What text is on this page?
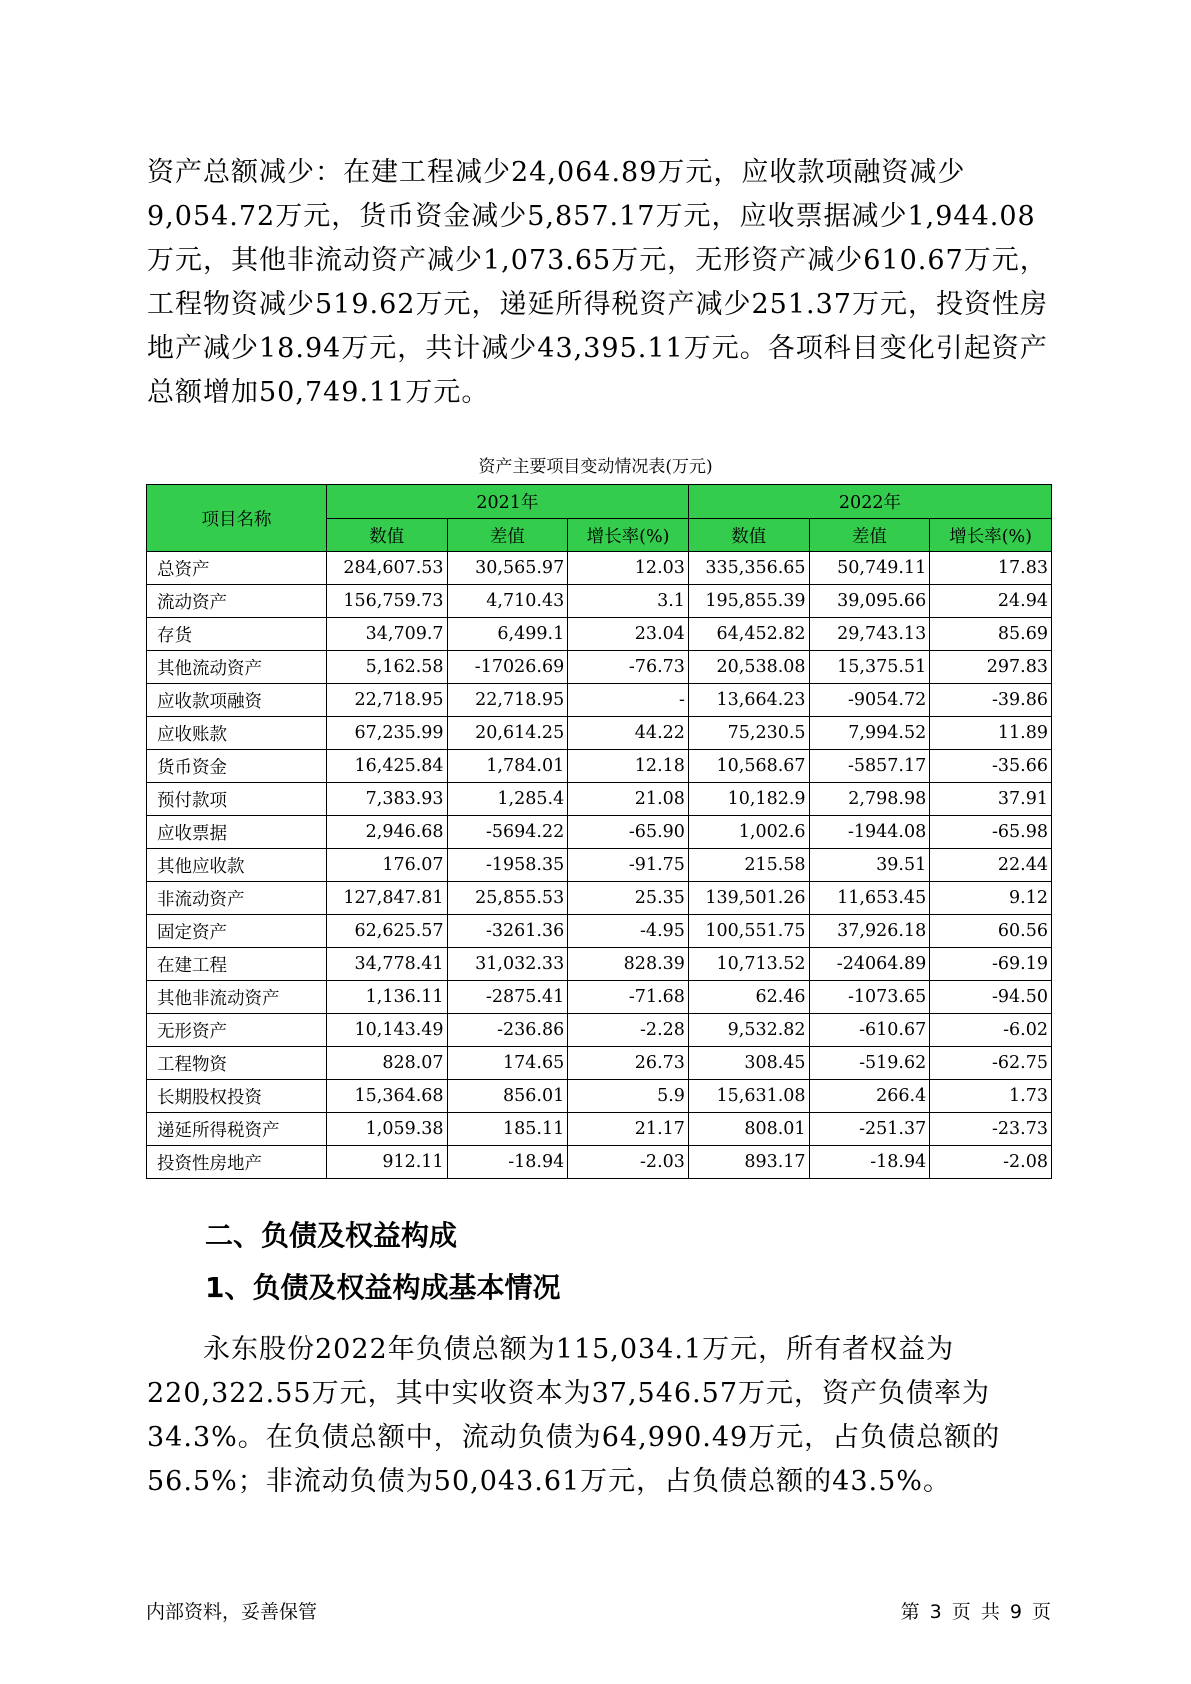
资产总额减少：在建工程减少24,064.89万元，应收款项融资减少9,054.72万元，货币资金减少5,857.17万元，应收票据减少1,944.08万元，其他非流动资产减少1,073.65万元，无形资产减少610.67万元，工程物资减少519.62万元，递延所得税资产减少251.37万元，投资性房地产减少18.94万元，共计减少43,395.11万元。各项科目变化引起资产总额增加50,749.11万元。

资产主要项目变动情况表(万元)
项目名称	2021年			2022年		
	数值	差值	增长率(%)	数值	差值	增长率(%)
总资产	284,607.53	30,565.97	12.03	335,356.65	50,749.11	17.83
流动资产	156,759.73	4,710.43	3.1	195,855.39	39,095.66	24.94
存货	34,709.7	6,499.1	23.04	64,452.82	29,743.13	85.69
其他流动资产	5,162.58	-17026.69	-76.73	20,538.08	15,375.51	297.83
应收款项融资	22,718.95	22,718.95	-	13,664.23	-9054.72	-39.86
应收账款	67,235.99	20,614.25	44.22	75,230.5	7,994.52	11.89
货币资金	16,425.84	1,784.01	12.18	10,568.67	-5857.17	-35.66
预付款项	7,383.93	1,285.4	21.08	10,182.9	2,798.98	37.91
应收票据	2,946.68	-5694.22	-65.90	1,002.6	-1944.08	-65.98
其他应收款	176.07	-1958.35	-91.75	215.58	39.51	22.44
非流动资产	127,847.81	25,855.53	25.35	139,501.26	11,653.45	9.12
固定资产	62,625.57	-3261.36	-4.95	100,551.75	37,926.18	60.56
在建工程	34,778.41	31,032.33	828.39	10,713.52	-24064.89	-69.19
其他非流动资产	1,136.11	-2875.41	-71.68	62.46	-1073.65	-94.50
无形资产	10,143.49	-236.86	-2.28	9,532.82	-610.67	-6.02
工程物资	828.07	174.65	26.73	308.45	-519.62	-62.75
长期股权投资	15,364.68	856.01	5.9	15,631.08	266.4	1.73
递延所得税资产	1,059.38	185.11	21.17	808.01	-251.37	-23.73
投资性房地产	912.11	-18.94	-2.03	893.17	-18.94	-2.08
二、负债及权益构成
1、负债及权益构成基本情况

永东股份2022年负债总额为115,034.1万元，所有者权益为220,322.55万元，其中实收资本为37,546.57万元，资产负债率为34.3%。在负债总额中，流动负债为64,990.49万元，占负债总额的56.5%；非流动负债为50,043.61万元，占负债总额的43.5%。

内部资料，妥善保管	第 3 页 共 9 页
